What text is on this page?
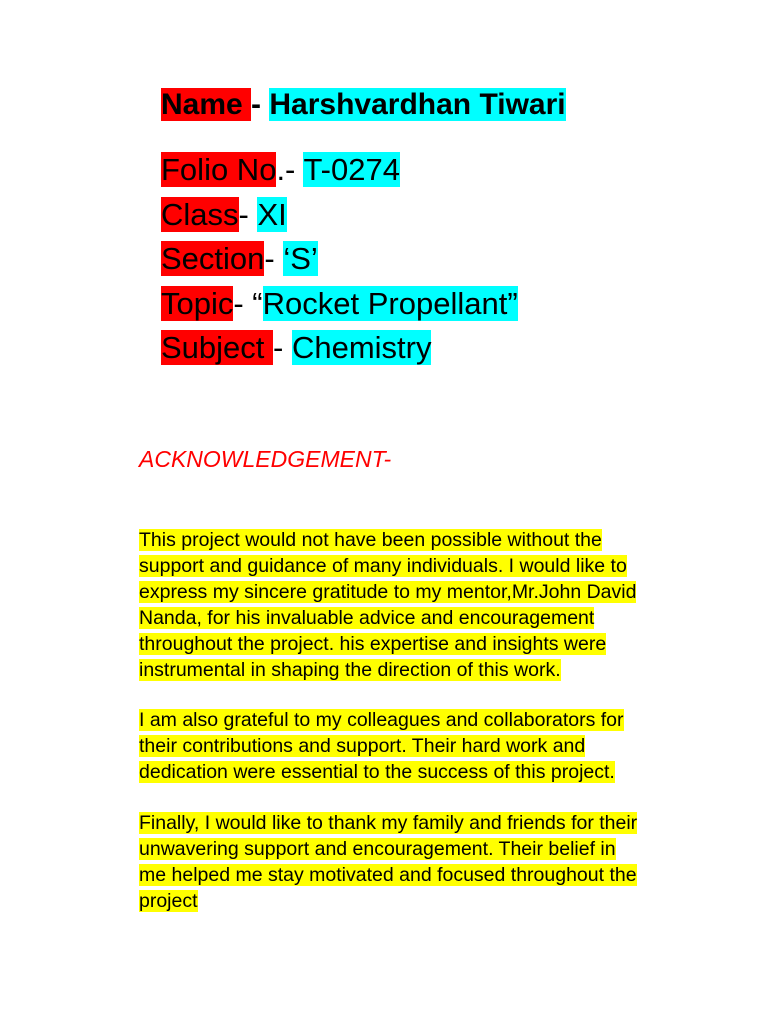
Name - Harshvardhan Tiwari
Folio No.- T-0274
Class- XI
Section- ‘S’
Topic- “Rocket Propellant”
Subject - Chemistry
ACKNOWLEDGEMENT-
This project would not have been possible without the
support and guidance of many individuals. I would like to
express my sincere gratitude to my mentor,Mr.John David
Nanda, for his invaluable advice and encouragement
throughout the project. his expertise and insights were
instrumental in shaping the direction of this work.
I am also grateful to my colleagues and collaborators for
their contributions and support. Their hard work and
dedication were essential to the success of this project.
Finally, I would like to thank my family and friends for their
unwavering support and encouragement. Their belief in
me helped me stay motivated and focused throughout the
project
